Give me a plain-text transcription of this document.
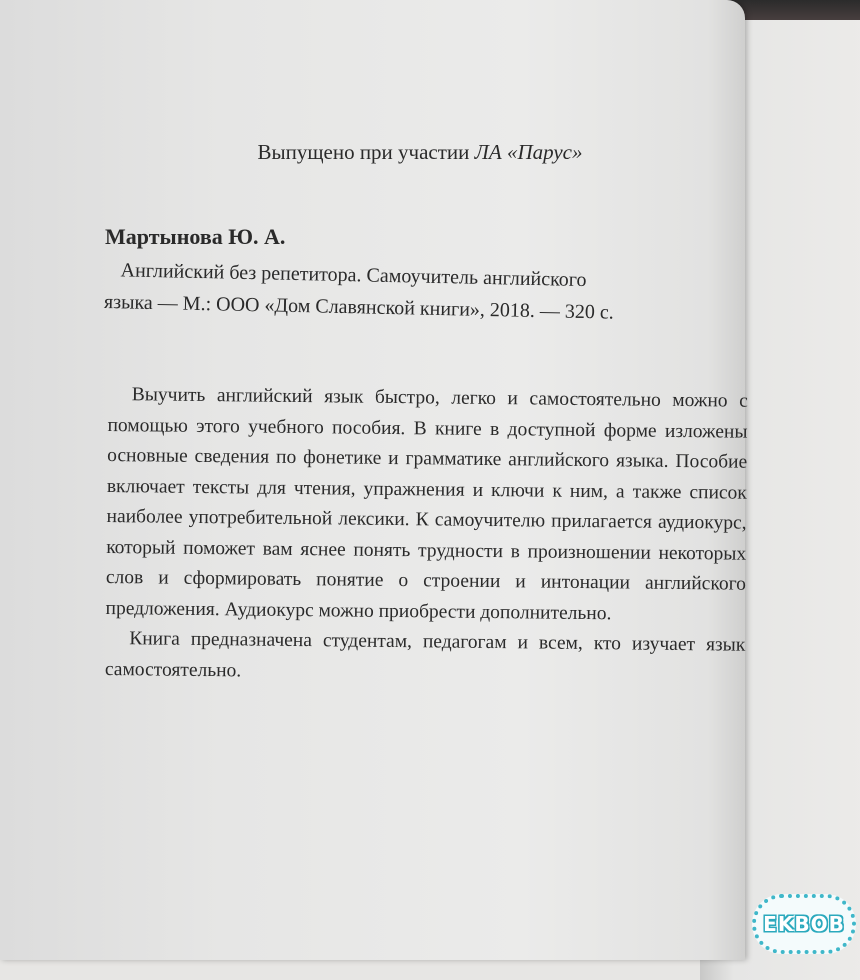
Выпущено при участии ЛА «Парус»
Мартынова Ю. А.
Английский без репетитора. Самоучитель английского
языка — М.: ООО «Дом Славянской книги», 2018. — 320 с.

Выучить английский язык быстро, легко и самостоятельно можно с помощью этого учебного пособия. В книге в доступной форме изложены основные сведения по фонетике и грамматике английского языка. Пособие включает тексты для чтения, упражнения и ключи к ним, а также список наиболее употребительной лексики. К самоучителю прилагается аудиокурс, который поможет вам яснее понять трудности в произношении некоторых слов и сформировать понятие о строении и интонации английского предложения. Аудиокурс можно приобрести дополнительно.

Книга предназначена студентам, педагогам и всем, кто изучает язык самостоятельно.

EKBOB
